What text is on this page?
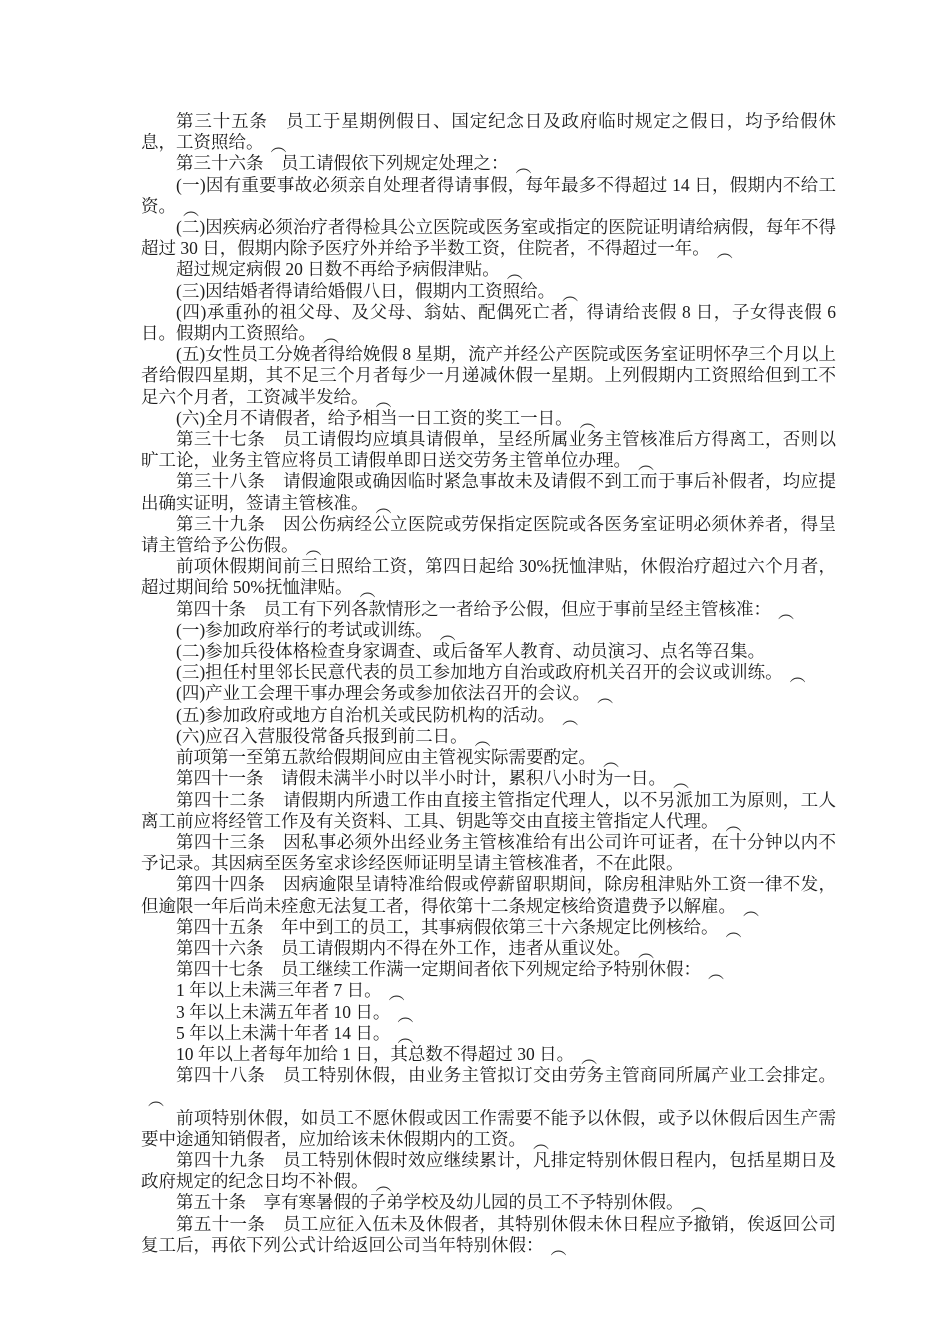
第三十五条　员工于星期例假日、国定纪念日及政府临时规定之假日，均予给假休息，工资照给。 ︵

第三十六条　员工请假依下列规定处理之： ︵

(一)因有重要事故必须亲自处理者得请事假，每年最多不得超过 14 日，假期内不给工资。 ︵

(二)因疾病必须治疗者得检具公立医院或医务室或指定的医院证明请给病假，每年不得超过 30 日，假期内除予医疗外并给予半数工资，住院者，不得超过一年。 ︵

超过规定病假 20 日数不再给予病假津贴。 ︵

(三)因结婚者得请给婚假八日，假期内工资照给。 ︵

(四)承重孙的祖父母、及父母、翁姑、配偶死亡者，得请给丧假 8 日，子女得丧假 6 日。假期内工资照给。 ︵

(五)女性员工分娩者得给娩假 8 星期，流产并经公产医院或医务室证明怀孕三个月以上者给假四星期，其不足三个月者每少一月递减休假一星期。上列假期内工资照给但到工不足六个月者，工资减半发给。 ︵

(六)全月不请假者，给予相当一日工资的奖工一日。 ︵

第三十七条　员工请假均应填具请假单，呈经所属业务主管核准后方得离工，否则以旷工论，业务主管应将员工请假单即日送交劳务主管单位办理。 ︵

第三十八条　请假逾限或确因临时紧急事故未及请假不到工而于事后补假者，均应提出确实证明，签请主管核准。 ︵

第三十九条　因公伤病经公立医院或劳保指定医院或各医务室证明必须休养者，得呈请主管给予公伤假。 ︵

前项休假期间前三日照给工资，第四日起给 30%抚恤津贴，休假治疗超过六个月者，超过期间给 50%抚恤津贴。 ︵

第四十条　员工有下列各款情形之一者给予公假，但应于事前呈经主管核准： ︵

(一)参加政府举行的考试或训练。 ︵

(二)参加兵役体格检查身家调查、或后备军人教育、动员演习、点名等召集。

(三)担任村里邻长民意代表的员工参加地方自治或政府机关召开的会议或训练。 ︵

(四)产业工会理干事办理会务或参加依法召开的会议。 ︵

(五)参加政府或地方自治机关或民防机构的活动。 ︵

(六)应召入营服役常备兵报到前二日。 ︵

前项第一至第五款给假期间应由主管视实际需要酌定。 ︵

第四十一条　请假未满半小时以半小时计，累积八小时为一日。 ︵

第四十二条　请假期内所遗工作由直接主管指定代理人，以不另派加工为原则，工人离工前应将经管工作及有关资料、工具、钥匙等交由直接主管指定人代理。 ︵

第四十三条　因私事必须外出经业务主管核准给有出公司许可证者，在十分钟以内不予记录。其因病至医务室求诊经医师证明呈请主管核准者，不在此限。

第四十四条　因病逾限呈请特准给假或停薪留职期间，除房租津贴外工资一律不发，但逾限一年后尚未痊愈无法复工者，得依第十二条规定核给资遣费予以解雇。 ︵

第四十五条　年中到工的员工，其事病假依第三十六条规定比例核给。 ︵

第四十六条　员工请假期内不得在外工作，违者从重议处。 ︵

第四十七条　员工继续工作满一定期间者依下列规定给予特别休假： ︵

1 年以上未满三年者 7 日。 ︵

3 年以上未满五年者 10 日。 ︵

5 年以上未满十年者 14 日。 ︵

10 年以上者每年加给 1 日，其总数不得超过 30 日。 ︵

第四十八条　员工特别休假，由业务主管拟订交由劳务主管商同所属产业工会排定。︵

前项特别休假，如员工不愿休假或因工作需要不能予以休假，或予以休假后因生产需要中途通知销假者，应加给该未休假期内的工资。 ︵

第四十九条　员工特别休假时效应继续累计，凡排定特别休假日程内，包括星期日及政府规定的纪念日均不补假。 ︵

第五十条　享有寒暑假的子弟学校及幼儿园的员工不予特别休假。 ︵

第五十一条　员工应征入伍未及休假者，其特别休假未休日程应予撤销，俟返回公司复工后，再依下列公式计给返回公司当年特别休假： ︵
